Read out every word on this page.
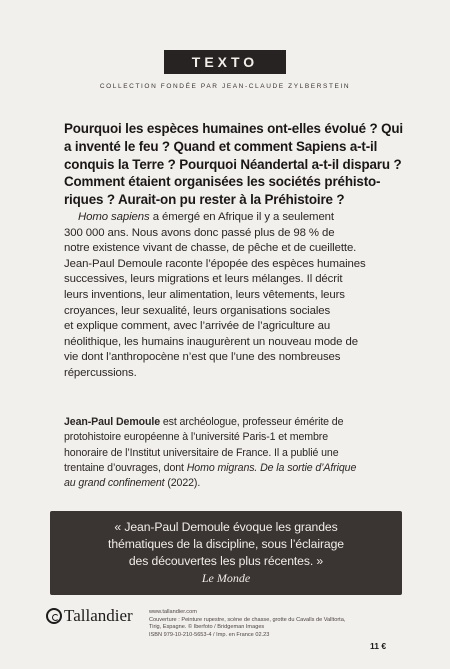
TEXTO
COLLECTION FONDÉE PAR JEAN-CLAUDE ZYLBERSTEIN
Pourquoi les espèces humaines ont-elles évolué ? Qui
a inventé le feu ? Quand et comment Sapiens a-t-il
conquis la Terre ? Pourquoi Néandertal a-t-il disparu ?
Comment étaient organisées les sociétés préhisto-
riques ? Aurait-on pu rester à la Préhistoire ?
Homo sapiens a émergé en Afrique il y a seulement
300 000 ans. Nous avons donc passé plus de 98 % de
notre existence vivant de chasse, de pêche et de cueillette.
Jean-Paul Demoule raconte l’épopée des espèces humaines
successives, leurs migrations et leurs mélanges. Il décrit
leurs inventions, leur alimentation, leurs vêtements, leurs
croyances, leur sexualité, leurs organisations sociales
et explique comment, avec l’arrivée de l’agriculture au
néolithique, les humains inaugurèrent un nouveau mode de
vie dont l’anthropocène n’est que l’une des nombreuses
répercussions.
Jean-Paul Demoule est archéologue, professeur émérite de
protohistoire européenne à l’université Paris-1 et membre
honoraire de l’Institut universitaire de France. Il a publié une
trentaine d’ouvrages, dont Homo migrans. De la sortie d’Afrique
au grand confinement (2022).
« Jean-Paul Demoule évoque les grandes
thématiques de la discipline, sous l’éclairage
des découvertes les plus récentes. »
Le Monde
Tallandier	www.tallandier.com
Couverture : Peinture rupestre, scène de chasse, grotte du Cavalls de Valltorta,
Tirig, Espagne. © Iberfoto / Bridgeman Images
ISBN 979-10-210-5653-4 / Imp. en France 02.23
11 €
